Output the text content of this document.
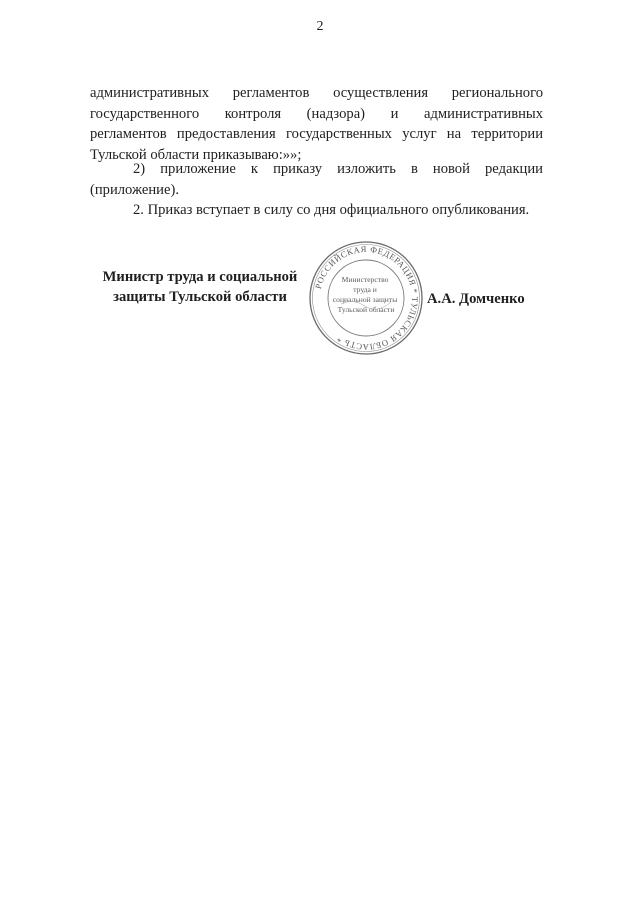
2
административных регламентов осуществления регионального
государственного контроля (надзора) и административных
регламентов предоставления государственных услуг на территории
Тульской области приказываю:»»;
2) приложение к приказу изложить в новой редакции
(приложение).
2. Приказ вступает в силу со дня официального опубликования.
Министр труда и социальной
защиты Тульской области
РОССИЙСКАЯ ФЕДЕРАЦИЯ * ТУЛЬСКАЯ ОБЛАСТЬ *
Министерство труда и социальной защиты Тульской области
А.А. Домченко
